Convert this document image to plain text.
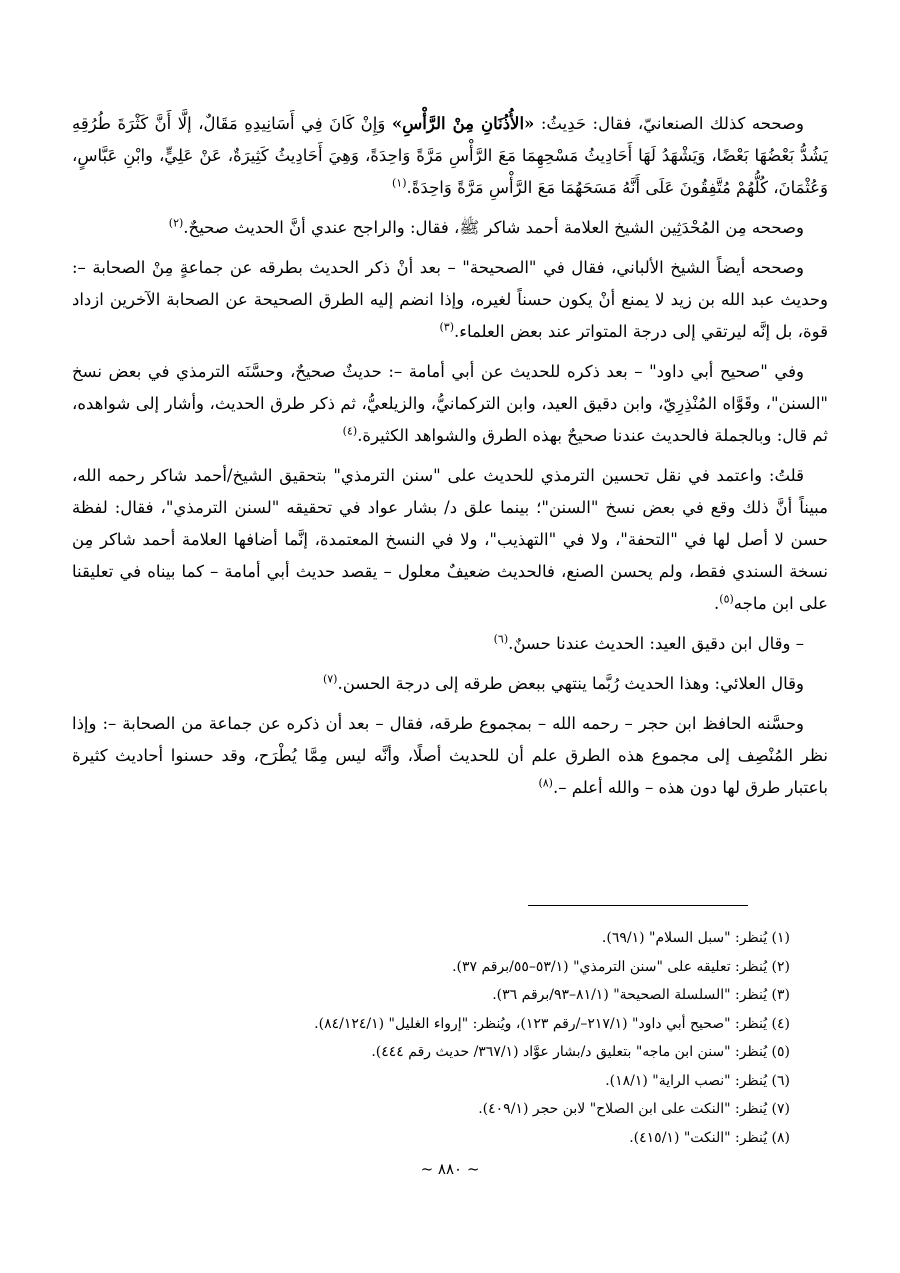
وصححه كذلك الصنعانيّ، فقال: حَدِيثُ: «الأُذُنَانِ مِنْ الرَّأْسِ» وَإِنْ كَانَ فِي أَسَانِيدِهِ مَقَالٌ، إلَّا أَنَّ كَثْرَةَ طُرُقِهِ يَشُدُّ بَعْضُهَا بَعْضًا، وَيَشْهَدُ لَهَا أَحَادِيثُ مَسْحِهِمَا مَعَ الرَّأْسِ مَرَّةً وَاحِدَةً، وَهِيَ أَحَادِيثُ كَثِيرَةٌ، عَنْ عَلِيٍّ، وابْنِ عَبَّاسٍ، وَعُثْمَانَ، كُلُّهُمْ مُتَّفِقُونَ عَلَى أَنَّهُ مَسَحَهُمَا مَعَ الرَّأْسِ مَرَّةً وَاحِدَةً.$^{(١)}$

وصححه مِن المُحْدَثِين الشيخ العلامة أحمد شاكر ﷺ، فقال: والراجح عندي أنَّ الحديث صحيحٌ.$^{(٢)}$

وصححه أيضاً الشيخ الألباني، فقال في "الصحيحة" – بعد أنْ ذكر الحديث بطرقه عن جماعةٍ مِنْ الصحابة –: وحديث عبد الله بن زيد لا يمنع أنْ يكون حسناً لغيره، وإذا انضم إليه الطرق الصحيحة عن الصحابة الآخرين ازداد قوة، بل إنَّه ليرتقي إلى درجة المتواتر عند بعض العلماء.$^{(٣)}$

وفي "صحيح أبي داود" – بعد ذكره للحديث عن أبي أمامة –: حديثٌ صحيحٌ، وحسَّنَه الترمذي في بعض نسخ "السنن"، وقَوَّاه المُنْذِرِيّ، وابن دقيق العيد، وابن التركمانيُّ، والزيلعيُّ، ثم ذكر طرق الحديث، وأشار إلى شواهده، ثم قال: وبالجملة فالحديث عندنا صحيحٌ بهذه الطرق والشواهد الكثيرة.$^{(٤)}$

قلتُ: واعتمد في نقل تحسين الترمذي للحديث على "سنن الترمذي" بتحقيق الشيخ/أحمد شاكر رحمه الله، مبيناً أنَّ ذلك وقع في بعض نسخ "السنن"؛ بينما علق د/ بشار عواد في تحقيقه "لسنن الترمذي"، فقال: لفظة حسن لا أصل لها في "التحفة"، ولا في "التهذيب"، ولا في النسخ المعتمدة، إنَّما أضافها العلامة أحمد شاكر مِن نسخة السندي فقط، ولم يحسن الصنع، فالحديث ضعيفٌ معلول – يقصد حديث أبي أمامة – كما بيناه في تعليقنا على ابن ماجه$^{(٥)}$.

– وقال ابن دقيق العيد: الحديث عندنا حسنٌ.$^{(٦)}$

وقال العلائي: وهذا الحديث رُبَّما ينتهي ببعض طرقه إلى درجة الحسن.$^{(٧)}$

وحسَّنه الحافظ ابن حجر – رحمه الله – بمجموع طرقه، فقال – بعد أن ذكره عن جماعة من الصحابة –: وإذا نظر المُنْصِف إلى مجموع هذه الطرق علم أن للحديث أصلًا، وأنَّه ليس مِمَّا يُطْرَح، وقد حسنوا أحاديث كثيرة باعتبار طرق لها دون هذه – والله أعلم –.$^{(٨)}$

(١) يُنظر: "سبل السلام" (٦٩/١).
(٢) يُنظر: تعليقه على "سنن الترمذي" (٥٣/١–٥٥/برقم ٣٧).
(٣) يُنظر: "السلسلة الصحيحة" (٨١/١–٩٣/برقم ٣٦).
(٤) يُنظر: "صحيح أبي داود" (٢١٧/١–/رقم ١٢٣)، ويُنظر: "إرواء الغليل" (٨٤/١٢٤/١).
(٥) يُنظر: "سنن ابن ماجه" بتعليق د/بشار عوَّاد (٣٦٧/١/ حديث رقم ٤٤٤).
(٦) يُنظر: "نصب الراية" (١٨/١).
(٧) يُنظر: "النكت على ابن الصلاح" لابن حجر (٤٠٩/١).
(٨) يُنظر: "النكت" (٤١٥/١).
~ ٨٨٠ ~
